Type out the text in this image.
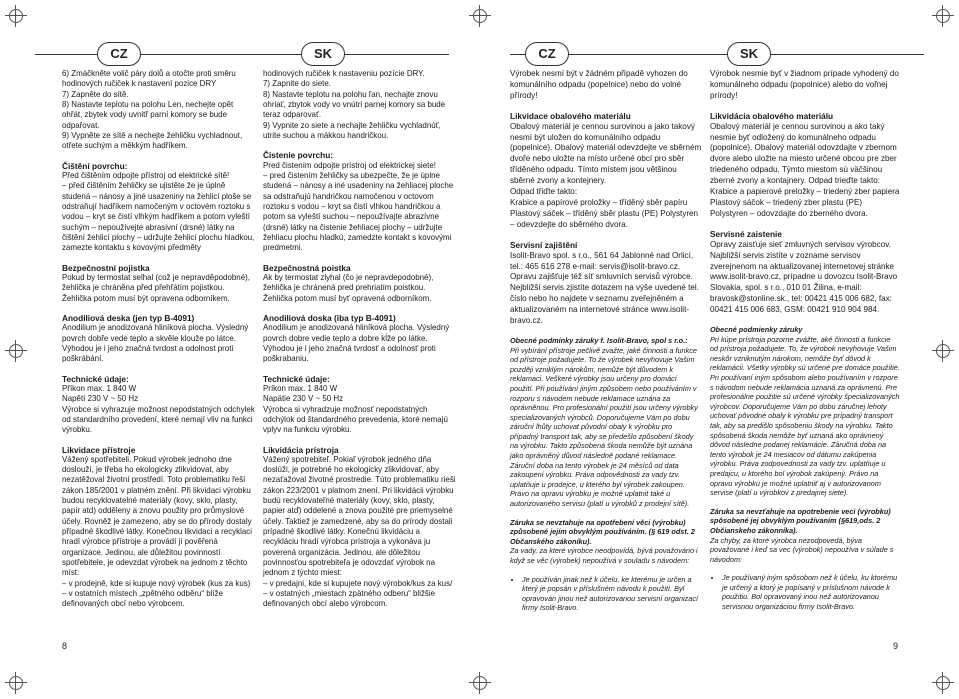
CZ	SK	CZ	SK

6) Zmáčkněte volič páry dolů a otočte proti směru hodinových ručiček k nastavení pozice DRY
7) Zapněte do sítě.
8) Nastavte teplotu na polohu Len, nechejte opět ohřát, zbytek vody uvnitř parní komory se bude odpařovat.
9) Vypněte ze sítě a nechejte žehličku vychladnout, otřete suchým a měkkým hadříkem.

Čištění povrchu:

Před čištěním odpojte přístroj od elektrické sítě!
– před čištěním žehličky se ujistěte že je úplně studená – nánosy a jiné usazeniny na žehlicí ploše se odstraňují hadříkem namočeným v octovém roztoku s vodou – kryt se čistí vlhkým hadříkem a potom vyleští suchým – nepoužívejte abrasivní (drsné) látky na čištění žehlicí plochy – udržujte žehlicí plochu hladkou, zamezte kontaktu s kovovými předměty

Bezpečnostní pojistka

Pokud by termostat selhal (což je nepravděpodobné), žehlička je chráněna před přehřátím pojistkou. Žehlička potom musí být opravena odborníkem.

Anodiliová deska (jen typ B-4091)

Anodilium je anodizovaná hliníková plocha. Výsledný povrch dobře vede teplo a skvěle klouže po látce. Výhodou je i jeho značná tvrdost a odolnost proti poškrábání.

Technické údaje:

Příkon max. 1 840 W
Napětí 230 V ~ 50 Hz
Výrobce si vyhrazuje možnost nepodstatných odchylek od standardního provedení, které nemají vliv na funkci výrobku.

Likvidace přístroje

Vážený spotřebiteli. Pokud výrobek jednoho dne doslouží, je třeba ho ekologicky zlikvidovat, aby nezatěžoval životní prostředí. Toto problematiku řeší zákon 185/2001 v platném znění. Při likvidaci výrobku budou recyklovatelné materiály (kovy, sklo, plasty, papír atd) odděleny a znovu použity pro průmyslové účely. Rovněž je zamezeno, aby se do přírody dostaly případné škodlivé látky. Konečnou likvidaci a recyklaci hradí výrobce přístroje a provádí jí pověřená organizace. Jedinou, ale důležitou povinností spotřebitele, je odevzdat výrobek na jednom z těchto míst:
– v prodejně, kde si kupuje nový výrobek (kus za kus) – v ostatních místech „zpětného odběru“ blíže definovaných obcí nebo výrobcem.

hodinových ručiček k nastaveniu pozície DRY.
7) Zapnite do siete.
8) Nastavte teplotu na polohu ľan, nechajte znovu ohriať, zbytok vody vo vnútri parnej komory sa bude teraz odparovať.
9) Vypnite zo siete a nechajte žehličku vychladnúť, utrite suchou a mäkkou handričkou.

Čistenie povrchu:

Pred čistením odpojte prístroj od elektrickej siete!
– pred čistením žehličky sa ubezpečte, že je úplne studená – nánosy a iné usadeniny na žehliacej ploche sa odstraňujú handričkou namočenou v octovom roztoku s vodou – kryt sa čistí vlhkou handričkou a potom sa vyleští suchou – nepoužívajte abrazívne (drsné) látky na čistenie žehliacej plochy – udržujte žehliacu plochu hladkú, zamedzte kontakt s kovovými predmetmi.

Bezpečnostná poistka

Ak by termostat zlyhal (čo je nepravdepodobné), žehlička je chránená pred prehriatím poistkou. Žehlička potom musí byť opravená odborníkom.

Anodiliová doska (iba typ B-4091)

Anodilium je anodizovaná hliníková plocha. Výsledný povrch dobre vedie teplo a dobre kĺže po látke. Výhodou je i jeho značná tvrdosť a odolnosť proti poškrabaniu.

Technické údaje:

Príkon max. 1 840 W
Napätie 230 V ~ 50 Hz
Výrobca si vyhradzuje možnosť nepodstatných odchýlok od štandardného prevedenia, ktoré nemajú vplyv na funkciu výrobku.

Likvidácia prístroja

Vážený spotrebiteľ. Pokiaľ výrobok jedného dňa doslúži, je potrebné ho ekologicky zlikvidovať, aby nezaťažoval životné prostredie. Túto problematiku rieši zákon 223/2001 v platnom znení. Pri likvidácii výrobku budú recyklovateľné materiály (kovy, sklo, plasty, papier atď) oddelené a znova použité pre priemyselné účely. Taktiež je zamedzené, aby sa do prírody dostali prípadné škodlivé látky. Konečnú likvidáciu a recykláciu hradí výrobca prístroja a vykonáva ju poverená organizácia. Jedinou, ale dôležitou povinnosťou spotrebiteľa je odovzdať výrobok na jednom z týchto miest:
– v predajni, kde si kupujete nový výrobok/kus za kus/ – v ostatných „miestach zpätného odberu“ bližšie definovaných obcí alebo výrobcom.

Výrobek nesmí být v žádném případě vyhozen do komunálního odpadu (popelnice) nebo do volné přírody!

Likvidace obalového materiálu

Obalový materiál je cennou surovinou a jako takový nesmí být uložen do komunálního odpadu (popelnice). Obalový materiál odevzdejte ve sběrném dvoře nebo uložte na místo určené obcí pro sběr tříděného odpadu. Tímto místem jsou většinou sběrné zvony a kontejnery.
Odpad třiďte takto:
Krabice a papírové proložky – tříděný sběr papíru Plastový sáček – tříděný sběr plastu (PE) Polystyren – odevzdejte do sběrného dvora.

Servisní zajištění

Isolit-Bravo spol. s r.o., 561 64 Jablonné nad Orlicí, tel.: 465 616 278 e-mail: servis@isolit-bravo.cz.
Opravu zajišťuje též síť smluvních servisů výrobce. Nejbližší servis zjistíte dotazem na výše uvedené tel. číslo nebo ho najdete v seznamu zveřejněném a aktualizovaném na internetové stránce www.isolit-bravo.cz.

Obecné podmínky záruky f. Isolit-Bravo, spol s r.o.:

Při vybírání přístroje pečlivě zvažte, jaké činnosti a funkce od přístroje požadujete. To že výrobek nevyhovuje Vašim později vzniklým nárokům, nemůže být důvodem k reklamaci. Veškeré výrobky jsou určeny pro domácí použití. Při používání jiným způsobem nebo používáním v rozporu s návodem nebude reklamace uznána za oprávněnou. Pro profesionální použití jsou určeny výrobky specializovaných výrobců. Doporučujeme Vám po dobu záruční lhůty uchovat původní obaly k výrobku pro případný transport tak, aby se předešlo způsobení škody na výrobku. Takto způsobená škoda nemůže být uznána jako oprávněný důvod následně podané reklamace. Záruční doba na tento výrobek je 24 měsíců od data zakoupení výrobku. Práva odpovědnosti za vady tzv. uplatňuje u prodejce, u kterého byl výrobek zakoupen. Právo na opravu výrobku je možné uplatnit také u autorizovaného servisu (platí u výrobků z prodejní sítě).

Záruka se nevztahuje na opotřebení věci (výrobku) způsobené jejím obvyklým používáním. (§ 619 odst. 2 Občanského zákoníku).

Za vady, za které výrobce neodpovídá, bývá považováno i když se věc (výrobek) nepoužívá v souladu s návodem:

• Je používán jinak než k účelu, ke kterému je určen a který je popsán v příslušném návodu k použití. Byl opravován jinou než autorizovanou servisní organizací firmy Isolit-Bravo.

Výrobok nesmie byť v žiadnom prípade vyhodený do komunálneho odpadu (popolnice) alebo do voľnej prírody!

Likvidácia obalového materiálu

Obalový materiál je cennou surovinou a ako taký nesmie byť odložený do komunálneho odpadu (popolnice). Obalový materiál odovzdajte v zbernom dvore alebo uložte na miesto určené obcou pre zber triedeného odpadu. Týmto miestom sú väčšinou zberné zvony a kontajnery. Odpad trieďte takto:
Krabice a papierové preložky – triedený zber papiera Plastový sáčok – triedený zber plastu (PE) Polystyren – odovzdajte do zberného dvora.

Servisné zaistenie

Opravy zaisťuje sieť zmluvných servisov výrobcov. Najbližší servis zistíte v zozname servisov zverejnenom na aktualizovanej internetovej stránke www.isolit-bravo.cz, prípadne u dovozcu Isolit-Bravo Slovakia, spol. s r.o., 010 01 Žilina, e-mail: bravosk@stonline.sk., tel: 00421 415 006 682, fax: 00421 415 006 683, GSM: 00421 910 904 984.

Obecné podmienky záruky

Pri kúpe prístroja pozorne zvážte, aké činnosti a funkcie od prístroja požadujete. To, že výrobok nevyhovuje Vašim neskôr vzniknutým nárokom, nemôže byť dôvod k reklamácii. Všetky výrobky sú určené pre domáce použitie. Pri používaní iným spôsobom alebo používaním v rozpore s návodom nebude reklamácia uznaná za oprávnenú. Pre profesionálne použitie sú určené výrobky špecializovaných výrobcov. Doporučujeme Vám po dobu záručnej lehoty uchovať pôvodné obaly k výrobku pre prípadný transport tak, aby sa predišlo spôsobeniu škody na výrobku. Takto spôsobená škoda nemôže byť uznaná ako oprávnený dôvod následne podanej reklamácie. Záručná doba na tento výrobok je 24 mesiacov od dátumu zakúpenia výrobku. Práva zodpovednosti za vady tzv. uplatňuje u predajcu, u ktorého bol výrobok zakúpený. Právo na opravu výrobku je možné uplatniť aj v autorizovanom servise (platí u výrobkov z predajnej siete).

Záruka sa nevzťahuje na opotrebenie veci (výrobku) spôsobené jej obvyklým používaním (§619,ods. 2 Občianskeho zákonníka).

Za chyby, za ktoré výrobca nezodpovedá, býva považované i keď sa vec (výrobok) nepoužíva v súlade s návodom:

• Je používaný iným spôsobom než k účelu, ku ktorému je určený a ktorý je popísaný v príslušnom návode k použitiu. Bol opravovaný inou než autorizovanou servisnou organizáciou firmy Isolit-Bravo.
8	9
